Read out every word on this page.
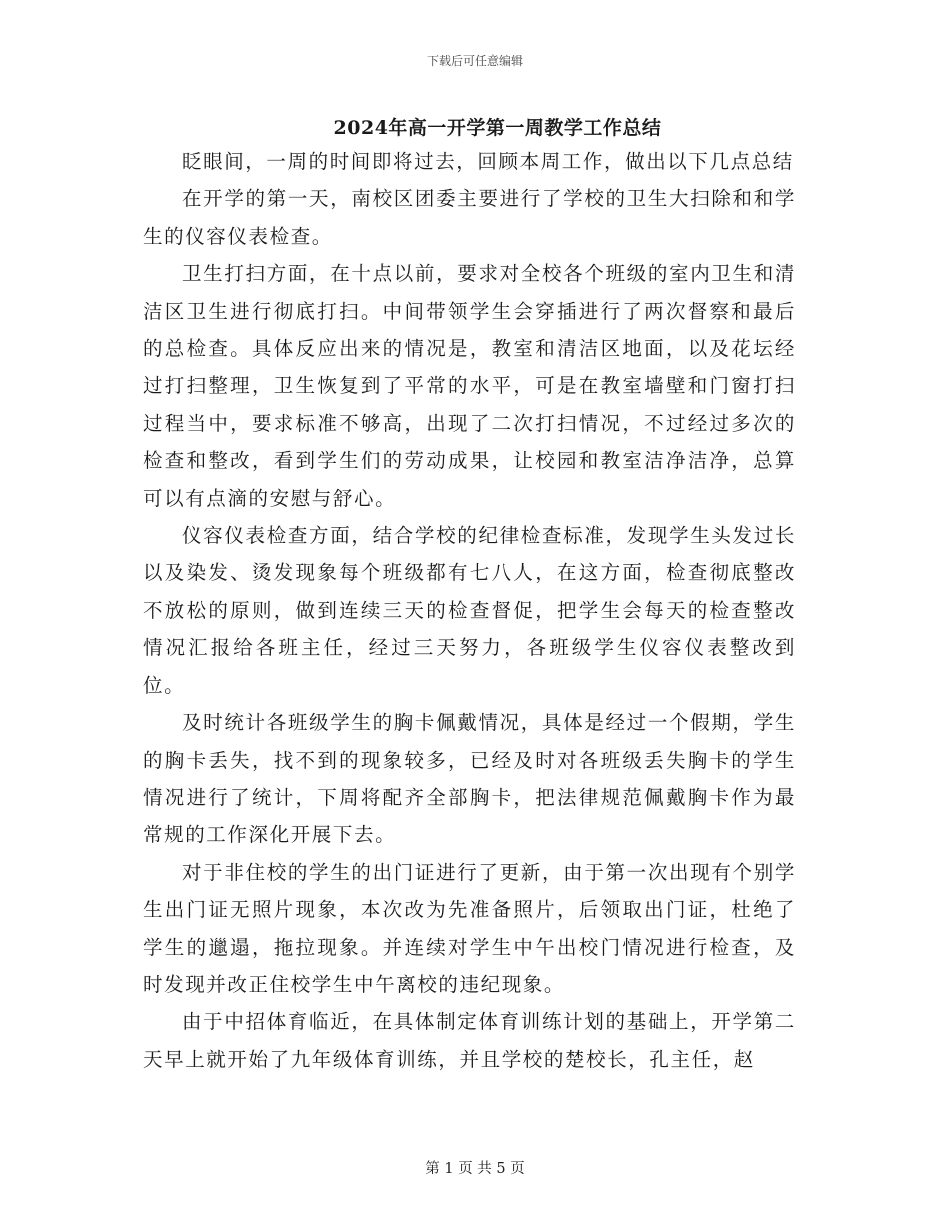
下载后可任意编辑
2024年高一开学第一周教学工作总结

眨眼间，一周的时间即将过去，回顾本周工作，做出以下几点总结

在开学的第一天，南校区团委主要进行了学校的卫生大扫除和和学生的仪容仪表检查。

卫生打扫方面，在十点以前，要求对全校各个班级的室内卫生和清洁区卫生进行彻底打扫。中间带领学生会穿插进行了两次督察和最后的总检查。具体反应出来的情况是，教室和清洁区地面，以及花坛经过打扫整理，卫生恢复到了平常的水平，可是在教室墙壁和门窗打扫过程当中，要求标准不够高，出现了二次打扫情况，不过经过多次的检查和整改，看到学生们的劳动成果，让校园和教室洁净洁净，总算可以有点滴的安慰与舒心。

仪容仪表检查方面，结合学校的纪律检查标准，发现学生头发过长以及染发、烫发现象每个班级都有七八人，在这方面，检查彻底整改不放松的原则，做到连续三天的检查督促，把学生会每天的检查整改情况汇报给各班主任，经过三天努力，各班级学生仪容仪表整改到位。

及时统计各班级学生的胸卡佩戴情况，具体是经过一个假期，学生的胸卡丢失，找不到的现象较多，已经及时对各班级丢失胸卡的学生情况进行了统计，下周将配齐全部胸卡，把法律规范佩戴胸卡作为最常规的工作深化开展下去。

对于非住校的学生的出门证进行了更新，由于第一次出现有个别学生出门证无照片现象，本次改为先准备照片，后领取出门证，杜绝了学生的邋遢，拖拉现象。并连续对学生中午出校门情况进行检查，及时发现并改正住校学生中午离校的违纪现象。

由于中招体育临近，在具体制定体育训练计划的基础上，开学第二天早上就开始了九年级体育训练，并且学校的楚校长，孔主任，赵

第 1 页 共 5 页
